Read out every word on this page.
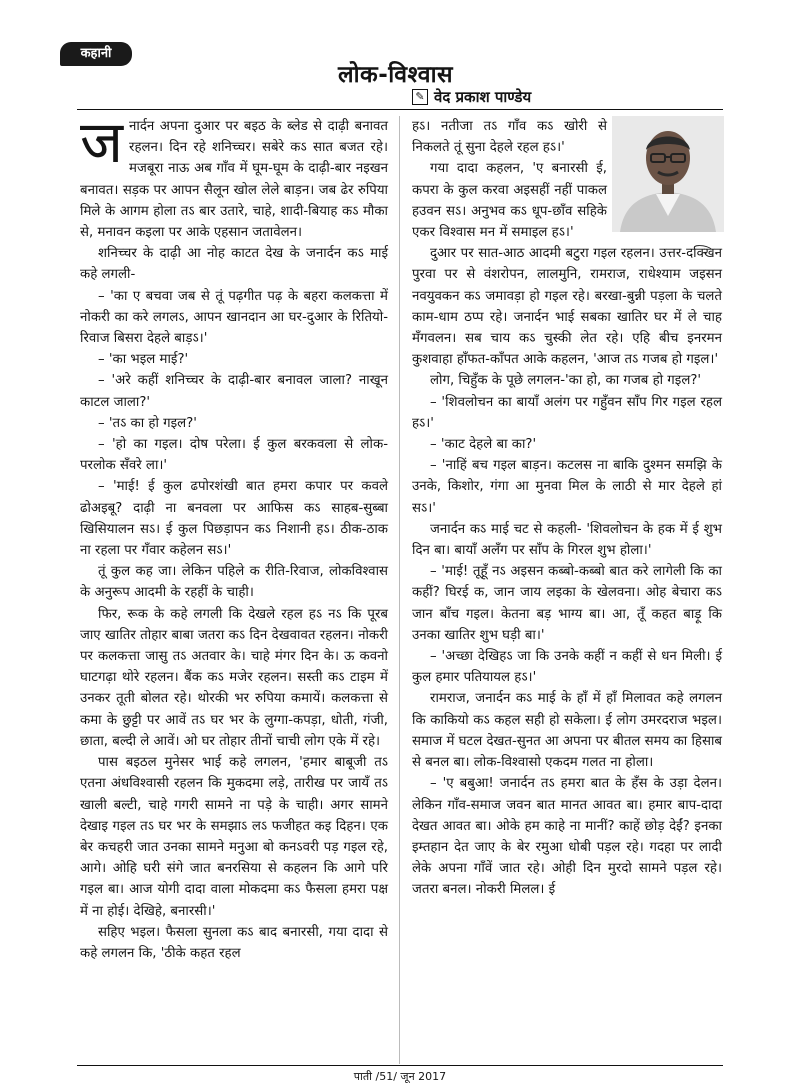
कहानी
लोक-विश्वास
✎ वेद प्रकाश पाण्डेय

जनार्दन अपना दुआर पर बइठ के ब्लेड से दाढ़ी बनावत रहलन। दिन रहे शनिच्चर। सबेरे कऽ सात बजत रहे। मजबूरा नाऊ अब गाँव में घूम-घूम के दाढ़ी-बार नइखन बनावत। सड़क पर आपन सैलून खोल लेले बाड़न। जब ढेर रुपिया मिले के आगम होला तऽ बार उतारे, चाहे, शादी-बियाह कऽ मौका से, मनावन कइला पर आके एहसान जतावेलन।

शनिच्चर के दाढ़ी आ नोह काटत देख के जनार्दन कऽ माई कहे लगली-

– 'का ए बचवा जब से तूं पढ़गीत पढ़ के बहरा कलकत्ता में नोकरी का करे लगलऽ, आपन खानदान आ घर-दुआर के रितियो-रिवाज बिसरा देहले बाड़ऽ।'

– 'का भइल माई?'

– 'अरे कहीं शनिच्चर के दाढ़ी-बार बनावल जाला? नाखून काटल जाला?'

– 'तऽ का हो गइल?'

– 'हो का गइल। दोष परेला। ई कुल बरकवला से लोक-परलोक सँवरे ला।'

– 'माई! ई कुल ढपोरशंखी बात हमरा कपार पर कवले ढोअइबू? दाढ़ी ना बनवला पर आफिस कऽ साहब-सुब्बा खिसियालन सऽ। ई कुल पिछड़ापन कऽ निशानी हऽ। ठीक-ठाक ना रहला पर गँवार कहेलन सऽ।'

तूं कुल कह जा। लेकिन पहिले क रीति-रिवाज, लोकविश्वास के अनुरूप आदमी के रहहीं के चाही।

फिर, रूक के कहे लगली कि देखले रहल हऽ नऽ कि पूरब जाए खातिर तोहार बाबा जतरा कऽ दिन देखवावत रहलन। नोकरी पर कलकत्ता जासु तऽ अतवार के। चाहे मंगर दिन के। ऊ कवनो घाटगढ़ा थोरे रहलन। बैंक कऽ मजेर रहलन। सस्ती कऽ टाइम में उनकर तूती बोलत रहे। थोरकी भर रुपिया कमायें। कलकत्ता से कमा के छुट्टी पर आवें तऽ घर भर के लुग्गा-कपड़ा, धोती, गंजी, छाता, बल्दी ले आवें। ओ घर तोहार तीनों चाची लोग एके में रहे।

पास बइठल मुनेसर भाई कहे लगलन, 'हमार बाबूजी तऽ एतना अंधविश्वासी रहलन कि मुकदमा लड़े, तारीख पर जायँ तऽ खाली बल्टी, चाहे गगरी सामने ना पड़े के चाही। अगर सामने देखाइ गइल तऽ घर भर के समझाऽ लऽ फजीहत कइ दिहन। एक बेर कचहरी जात उनका सामने मनुआ बो कनऽवरी पड़ गइल रहे, आगे। ओहि घरी संगे जात बनरसिया से कहलन कि आगे परि गइल बा। आज योगी दादा वाला मोकदमा कऽ फैसला हमरा पक्ष में ना होई। देखिहे, बनारसी।'

सहिए भइल। फैसला सुनला कऽ बाद बनारसी, गया दादा से कहे लगलन कि, 'ठीके कहत रहल

हऽ। नतीजा तऽ गाँव कऽ खोरी से निकलते तूं सुना देहले रहल हऽ।'

गया दादा कहलन, 'ए बनारसी ई, कपरा के कुल करवा अइसहीं नहीं पाकल हउवन सऽ। अनुभव कऽ धूप-छाँव सहिके एकर विश्वास मन में समाइल हऽ।'

दुआर पर सात-आठ आदमी बटुरा गइल रहलन। उत्तर-दक्खिन पुरवा पर से वंशरोपन, लालमुनि, रामराज, राधेश्याम जइसन नवयुवकन कऽ जमावड़ा हो गइल रहे। बरखा-बुन्नी पड़ला के चलते काम-धाम ठप्प रहे। जनार्दन भाई सबका खातिर घर में ले चाह मँगवलन। सब चाय कऽ चुस्की लेत रहे। एहि बीच इनरमन कुशवाहा हाँफत-काँपत आके कहलन, 'आज तऽ गजब हो गइल।'

लोग, चिहुँक के पूछे लगलन-'का हो, का गजब हो गइल?'

– 'शिवलोचन का बायाँ अलंग पर गहुँवन साँप गिर गइल रहल हऽ।'

– 'काट देहले बा का?'

– 'नाहिं बच गइल बाड़न। कटलस ना बाकि दुश्मन समझि के उनके, किशोर, गंगा आ मुनवा मिल के लाठी से मार देहले हां सऽ।'

जनार्दन कऽ माई चट से कहली- 'शिवलोचन के हक में ई शुभ दिन बा। बायाँ अलँग पर साँप के गिरल शुभ होला।'

– 'माई! तूहूँ नऽ अइसन कब्बो-कब्बो बात करे लागेली कि का कहीं? घिरई क, जान जाय लइका के खेलवना। ओह बेचारा कऽ जान बाँच गइल। केतना बड़ भाग्य बा। आ, तूँ कहत बाड़ू कि उनका खातिर शुभ घड़ी बा।'

– 'अच्छा देखिहऽ जा कि उनके कहीं न कहीं से धन मिली। ई कुल हमार पतियायल हऽ।'

रामराज, जनार्दन कऽ माई के हाँ में हाँ मिलावत कहे लगलन कि काकियो कऽ कहल सही हो सकेला। ई लोग उमरदराज भइल। समाज में घटल देखत-सुनत आ अपना पर बीतल समय का हिसाब से बनल बा। लोक-विश्वासो एकदम गलत ना होला।

– 'ए बबुआ! जनार्दन तऽ हमरा बात के हँस के उड़ा देलन। लेकिन गाँव-समाज जवन बात मानत आवत बा। हमार बाप-दादा देखत आवत बा। ओके हम काहे ना मानीं? काहें छोड़ देईं? इनका इम्तहान देत जाए के बेर रमुआ धोबी पड़ल रहे। गदहा पर लादी लेके अपना गाँवें जात रहे। ओही दिन मुरदो सामने पड़ल रहे। जतरा बनल। नोकरी मिलल। ई

पाती /51/ जून 2017
